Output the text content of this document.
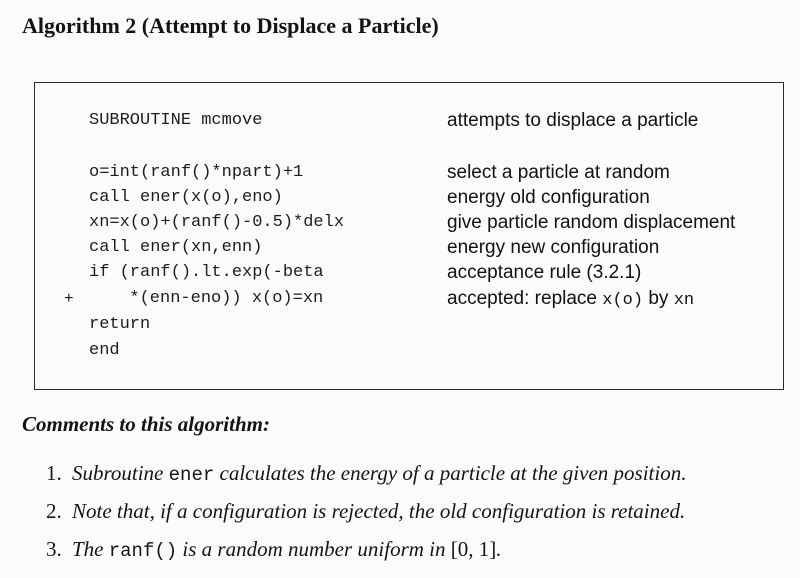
Algorithm 2 (Attempt to Displace a Particle)
SUBROUTINE mcmove	attempts to displace a particle
o=int(ranf()*npart)+1	select a particle at random
call ener(x(o),eno)	energy old configuration
xn=x(o)+(ranf()-0.5)*delx	give particle random displacement
call ener(xn,enn)	energy new configuration
if (ranf().lt.exp(-beta	acceptance rule (3.2.1)
+ *(enn-eno)) x(o)=xn	accepted: replace x(o) by xn
return
end
Comments to this algorithm:
1. Subroutine ener calculates the energy of a particle at the given position.
2. Note that, if a configuration is rejected, the old configuration is retained.
3. The ranf() is a random number uniform in [0, 1].
